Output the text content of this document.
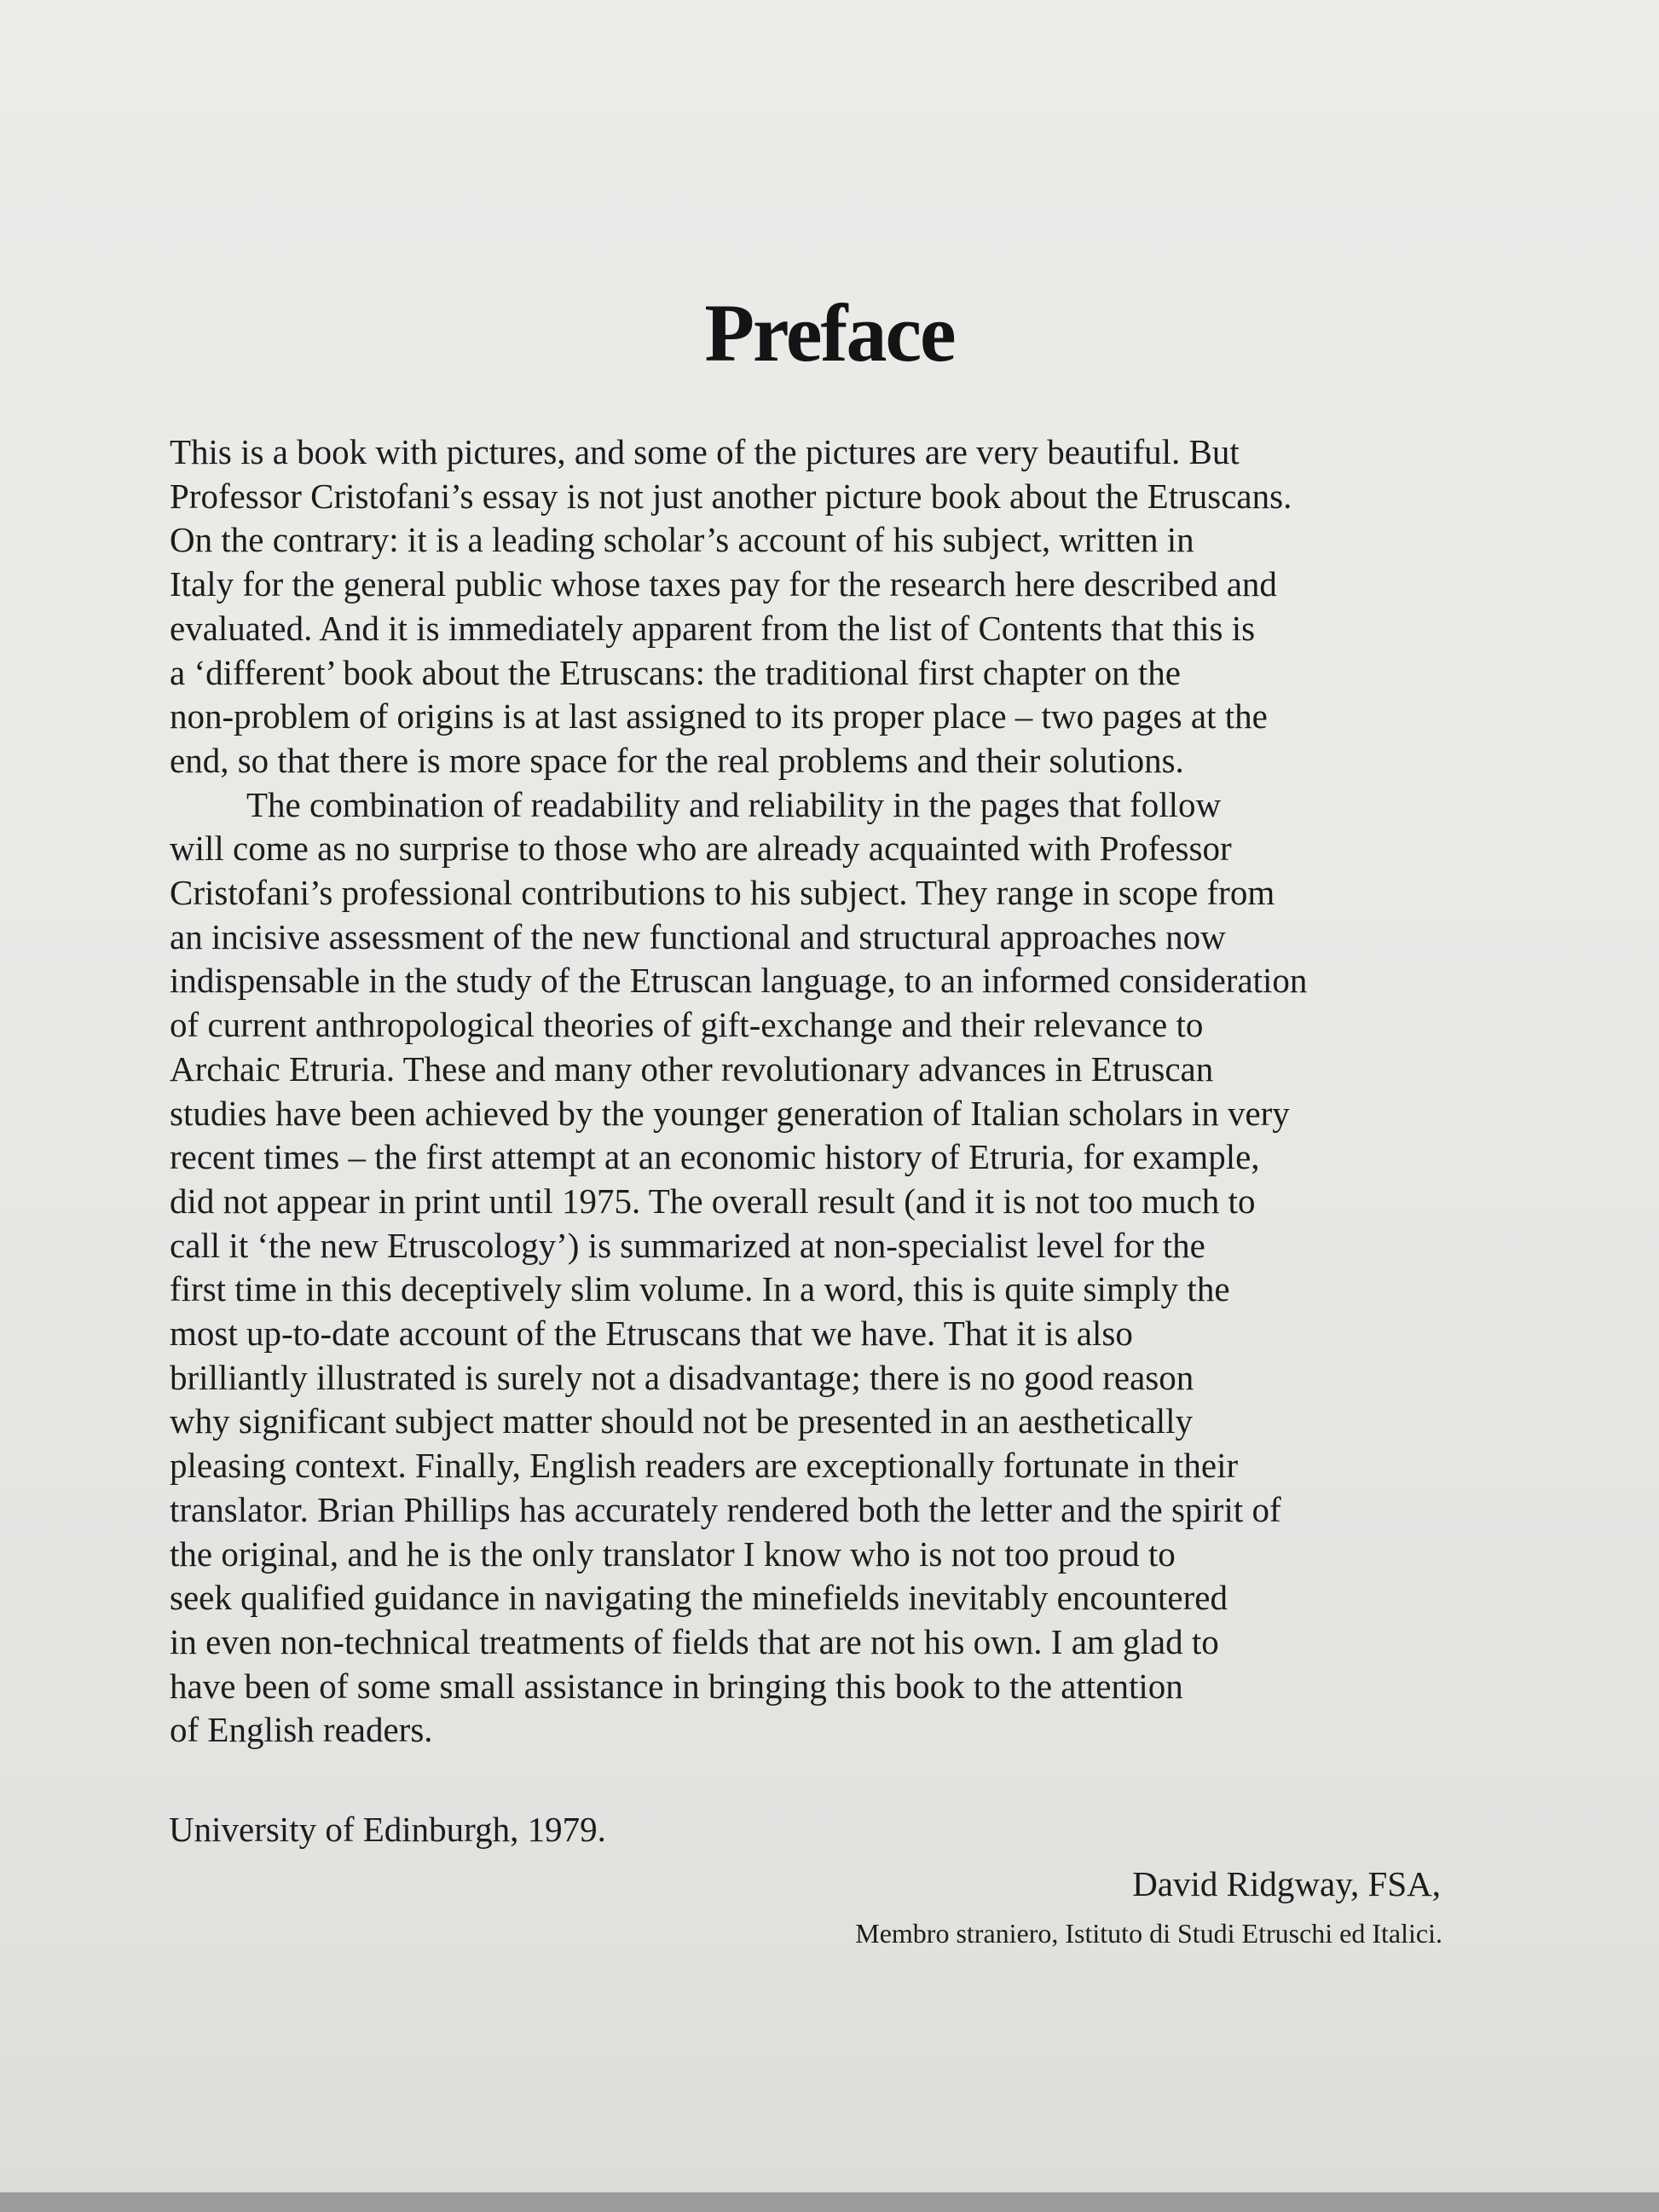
Preface
This is a book with pictures, and some of the pictures are very beautiful. But
Professor Cristofani’s essay is not just another picture book about the Etruscans.
On the contrary: it is a leading scholar’s account of his subject, written in
Italy for the general public whose taxes pay for the research here described and
evaluated. And it is immediately apparent from the list of Contents that this is
a ‘different’ book about the Etruscans: the traditional first chapter on the
non-problem of origins is at last assigned to its proper place – two pages at the
end, so that there is more space for the real problems and their solutions.
The combination of readability and reliability in the pages that follow
will come as no surprise to those who are already acquainted with Professor
Cristofani’s professional contributions to his subject. They range in scope from
an incisive assessment of the new functional and structural approaches now
indispensable in the study of the Etruscan language, to an informed consideration
of current anthropological theories of gift-exchange and their relevance to
Archaic Etruria. These and many other revolutionary advances in Etruscan
studies have been achieved by the younger generation of Italian scholars in very
recent times – the first attempt at an economic history of Etruria, for example,
did not appear in print until 1975. The overall result (and it is not too much to
call it ‘the new Etruscology’) is summarized at non-specialist level for the
first time in this deceptively slim volume. In a word, this is quite simply the
most up-to-date account of the Etruscans that we have. That it is also
brilliantly illustrated is surely not a disadvantage; there is no good reason
why significant subject matter should not be presented in an aesthetically
pleasing context. Finally, English readers are exceptionally fortunate in their
translator. Brian Phillips has accurately rendered both the letter and the spirit of
the original, and he is the only translator I know who is not too proud to
seek qualified guidance in navigating the minefields inevitably encountered
in even non-technical treatments of fields that are not his own. I am glad to
have been of some small assistance in bringing this book to the attention
of English readers.
University of Edinburgh, 1979.
David Ridgway, FSA,
Membro straniero, Istituto di Studi Etruschi ed Italici.
